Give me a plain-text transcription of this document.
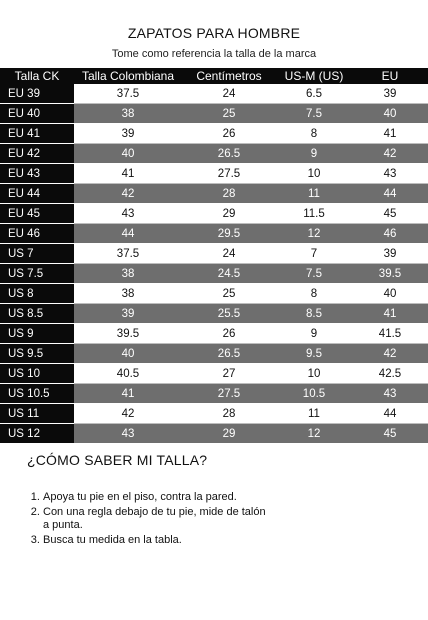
ZAPATOS PARA HOMBRE
Tome como referencia la talla de la marca
Talla CK	Talla Colombiana	Centímetros	US-M (US)	EU
EU 39	37.5	24	6.5	39
EU 40	38	25	7.5	40
EU 41	39	26	8	41
EU 42	40	26.5	9	42
EU 43	41	27.5	10	43
EU 44	42	28	11	44
EU 45	43	29	11.5	45
EU 46	44	29.5	12	46
US 7	37.5	24	7	39
US 7.5	38	24.5	7.5	39.5
US 8	38	25	8	40
US 8.5	39	25.5	8.5	41
US 9	39.5	26	9	41.5
US 9.5	40	26.5	9.5	42
US 10	40.5	27	10	42.5
US 10.5	41	27.5	10.5	43
US 11	42	28	11	44
US 12	43	29	12	45
¿CÓMO SABER MI TALLA?
1. Apoya tu pie en el piso, contra la pared.
2. Con una regla debajo de tu pie, mide de talón a punta.
3. Busca tu medida en la tabla.
